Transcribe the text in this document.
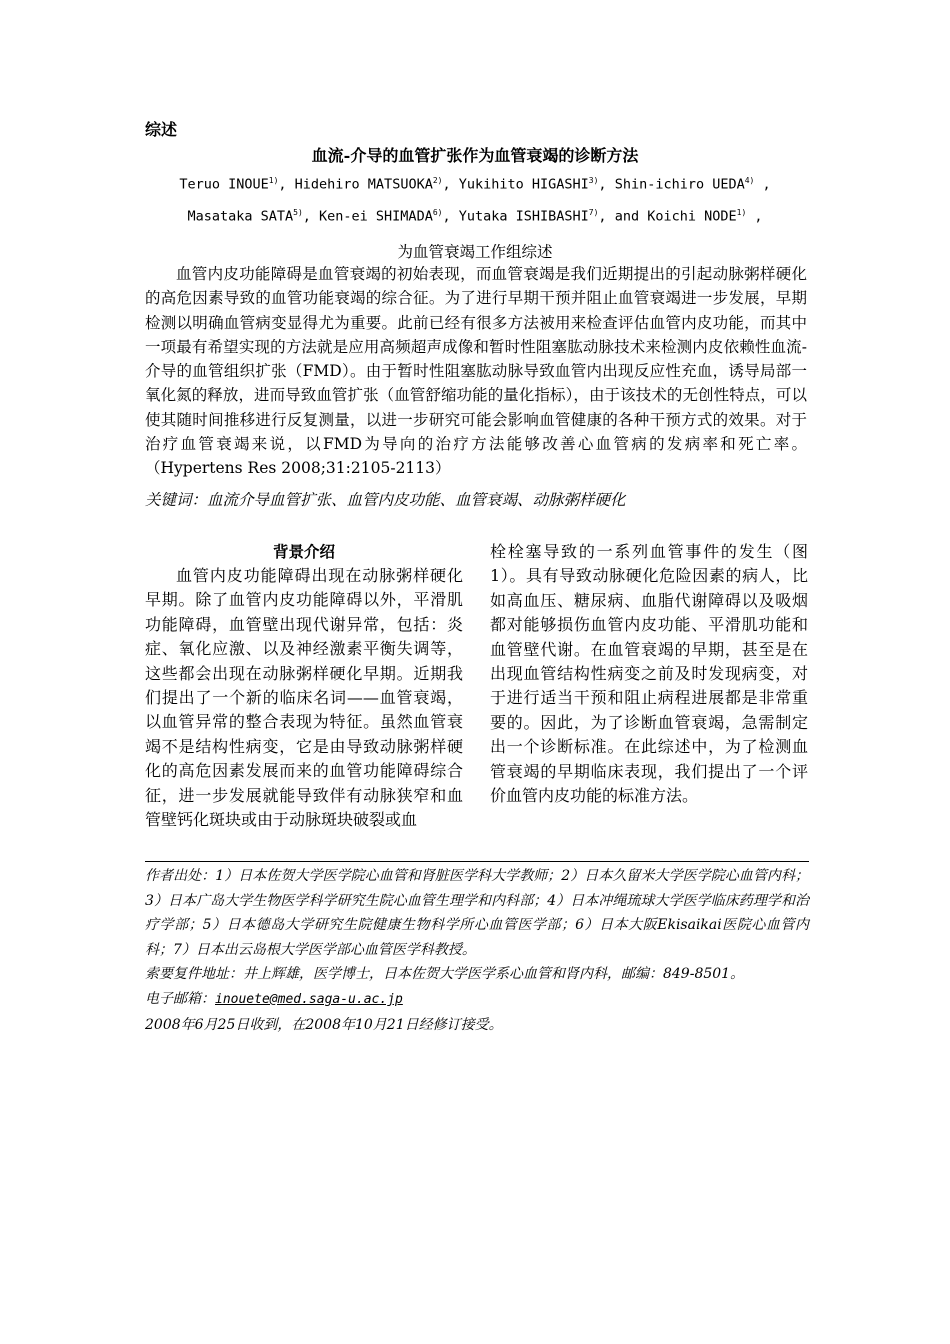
综述
血流-介导的血管扩张作为血管衰竭的诊断方法
Teruo INOUE$^{1)}$, Hidehiro MATSUOKA$^{2)}$, Yukihito HIGASHI$^{3)}$, Shin-ichiro UEDA$^{4)}$ ,
Masataka SATA$^{5)}$, Ken-ei SHIMADA$^{6)}$, Yutaka ISHIBASHI$^{7)}$, and Koichi NODE$^{1)}$ ,
为血管衰竭工作组综述

血管内皮功能障碍是血管衰竭的初始表现，而血管衰竭是我们近期提出的引起动脉粥样硬化的高危因素导致的血管功能衰竭的综合征。为了进行早期干预并阻止血管衰竭进一步发展，早期检测以明确血管病变显得尤为重要。此前已经有很多方法被用来检查评估血管内皮功能，而其中一项最有希望实现的方法就是应用高频超声成像和暂时性阻塞肱动脉技术来检测内皮依赖性血流-介导的血管组织扩张（FMD）。由于暂时性阻塞肱动脉导致血管内出现反应性充血，诱导局部一氧化氮的释放，进而导致血管扩张（血管舒缩功能的量化指标），由于该技术的无创性特点，可以使其随时间推移进行反复测量，以进一步研究可能会影响血管健康的各种干预方式的效果。对于治疗血管衰竭来说，以FMD为导向的治疗方法能够改善心血管病的发病率和死亡率。（Hypertens Res 2008;31:2105-2113）

关键词：血流介导血管扩张、血管内皮功能、血管衰竭、动脉粥样硬化
背景介绍

血管内皮功能障碍出现在动脉粥样硬化早期。除了血管内皮功能障碍以外，平滑肌功能障碍，血管壁出现代谢异常，包括：炎症、氧化应激、以及神经激素平衡失调等，这些都会出现在动脉粥样硬化早期。近期我们提出了一个新的临床名词——血管衰竭，以血管异常的整合表现为特征。虽然血管衰竭不是结构性病变，它是由导致动脉粥样硬化的高危因素发展而来的血管功能障碍综合征，进一步发展就能导致伴有动脉狭窄和血管壁钙化斑块或由于动脉斑块破裂或血

栓栓塞导致的一系列血管事件的发生（图1）。具有导致动脉硬化危险因素的病人，比如高血压、糖尿病、血脂代谢障碍以及吸烟都对能够损伤血管内皮功能、平滑肌功能和血管壁代谢。在血管衰竭的早期，甚至是在出现血管结构性病变之前及时发现病变，对于进行适当干预和阻止病程进展都是非常重要的。因此，为了诊断血管衰竭，急需制定出一个诊断标准。在此综述中，为了检测血管衰竭的早期临床表现，我们提出了一个评价血管内皮功能的标准方法。

作者出处：1）日本佐贺大学医学院心血管和肾脏医学科大学教师；2）日本久留米大学医学院心血管内科；3）日本广岛大学生物医学科学研究生院心血管生理学和内科部；4）日本冲绳琉球大学医学临床药理学和治疗学部；5）日本德岛大学研究生院健康生物科学所心血管医学部；6）日本大阪Ekisaikai医院心血管内科；7）日本出云岛根大学医学部心血管医学科教授。

索要复件地址：井上辉雄，医学博士，日本佐贺大学医学系心血管和肾内科，邮编：849-8501。

电子邮箱：inouete@med.saga-u.ac.jp

2008年6月25日收到，在2008年10月21日经修订接受。
